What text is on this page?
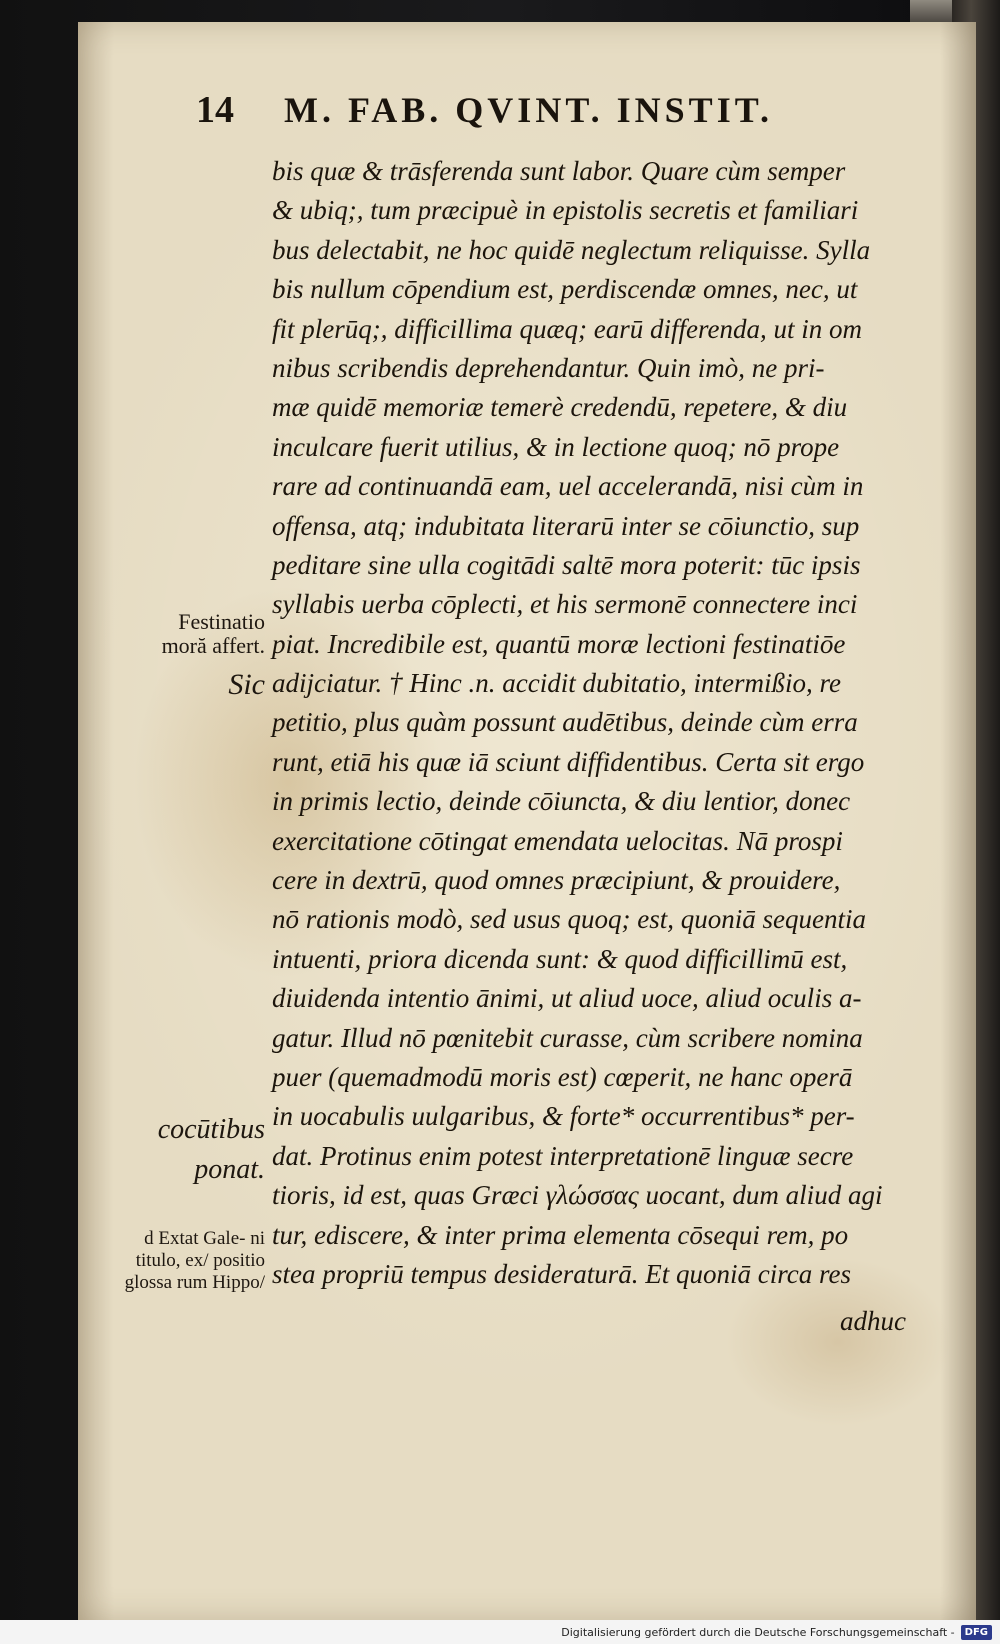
14 M. FAB. QVINT. INSTIT.
bis quæ & trāsferenda sunt labor. Quare cùm semper
& ubiq;, tum præcipuè in epistolis secretis et familiari
bus delectabit, ne hoc quidē neglectum reliquisse. Sylla
bis nullum cōpendium est, perdiscendæ omnes, nec, ut
fit plerūq;, difficillima quæq; earū differenda, ut in om
nibus scribendis deprehendantur. Quin imò, ne pri-
mæ quidē memoriæ temerè credendū, repetere, & diu
inculcare fuerit utilius, & in lectione quoq; nō prope
rare ad continuandā eam, uel accelerandā, nisi cùm in
offensa, atq; indubitata literarū inter se cōiunctio, sup
peditare sine ulla cogitādi saltē mora poterit: tūc ipsis
syllabis uerba cōplecti, et his sermonē connectere inci
piat. Incredibile est, quantū moræ lectioni festinatiōe
adijciatur. † Hinc .n. accidit dubitatio, intermißio, re
petitio, plus quàm possunt audētibus, deinde cùm erra
runt, etiā his quæ iā sciunt diffidentibus. Certa sit ergo
in primis lectio, deinde cōiuncta, & diu lentior, donec
exercitatione cōtingat emendata uelocitas. Nā prospi
cere in dextrū, quod omnes præcipiunt, & prouidere,
nō rationis modò, sed usus quoq; est, quoniā sequentia
intuenti, priora dicenda sunt: & quod difficillimū est,
diuidenda intentio ānimi, ut aliud uoce, aliud oculis a-
gatur. Illud nō pœnitebit curasse, cùm scribere nomina
puer (quemadmodū moris est) cœperit, ne hanc operā
in uocabulis uulgaribus, & forte* occurrentibus* per-
dat. Protinus enim potest interpretationē linguæ secre
tioris, id est, quas Græci γλώσσας uocant, dum aliud agi
tur, ediscere, & inter prima elementa cōsequi rem, po
stea propriū tempus desideraturā. Et quoniā circa res
Festinatio moră affert.
Sic
cocūtibus ponat.
d Extat Gale- ni titulo, ex/ positio glossa rum Hippo/
adhuc
Digitalisierung gefördert durch die Deutsche Forschungsgemeinschaft -	DFG
